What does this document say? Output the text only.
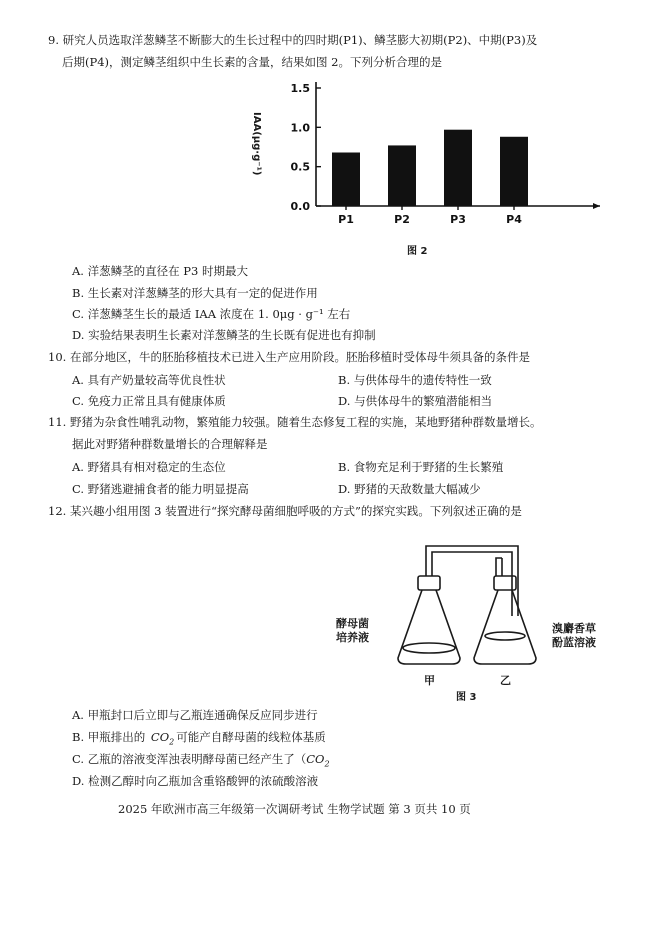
9. 研究人员选取洋葱鳞茎不断膨大的生长过程中的四时期(P1)、鳞茎膨大初期(P2)、中期(P3)及
后期(P4)，测定鳞茎组织中生长素的含量，结果如图 2。下列分析合理的是
IAA(μg·g⁻¹)
0.0
0.5
1.0
1.5
P1	P2	P3	P4
图 2
A. 洋葱鳞茎的直径在 P3 时期最大
B. 生长素对洋葱鳞茎的形大具有一定的促进作用
C. 洋葱鳞茎生长的最适 IAA 浓度在 1. 0μg · g⁻¹ 左右
D. 实验结果表明生长素对洋葱鳞茎的生长既有促进也有抑制
10. 在部分地区，牛的胚胎移植技术已进入生产应用阶段。胚胎移植时受体母牛须具备的条件是
A. 具有产奶量较高等优良性状	B. 与供体母牛的遗传特性一致
C. 免疫力正常且具有健康体质	D. 与供体母牛的繁殖潜能相当
11. 野猪为杂食性哺乳动物，繁殖能力较强。随着生态修复工程的实施，某地野猪种群数量增长。
据此对野猪种群数量增长的合理解释是
A. 野猪具有相对稳定的生态位	B. 食物充足利于野猪的生长繁殖
C. 野猪逃避捕食者的能力明显提高	D. 野猪的天敌数量大幅减少
12. 某兴趣小组用图 3 装置进行“探究酵母菌细胞呼吸的方式”的探究实践。下列叙述正确的是
酵母菌
培养液
溴麝香草
酚蓝溶液
甲	乙
图 3
A. 甲瓶封口后立即与乙瓶连通确保反应同步进行
B. 甲瓶排出的 $CO_2$ 可能产自酵母菌的线粒体基质
C. 乙瓶的溶液变浑浊表明酵母菌已经产生了（$CO_2$
D. 检测乙醇时向乙瓶加含重铬酸钾的浓硫酸溶液
2025 年欧洲市高三年级第一次调研考试 生物学试题 第 3 页共 10 页
